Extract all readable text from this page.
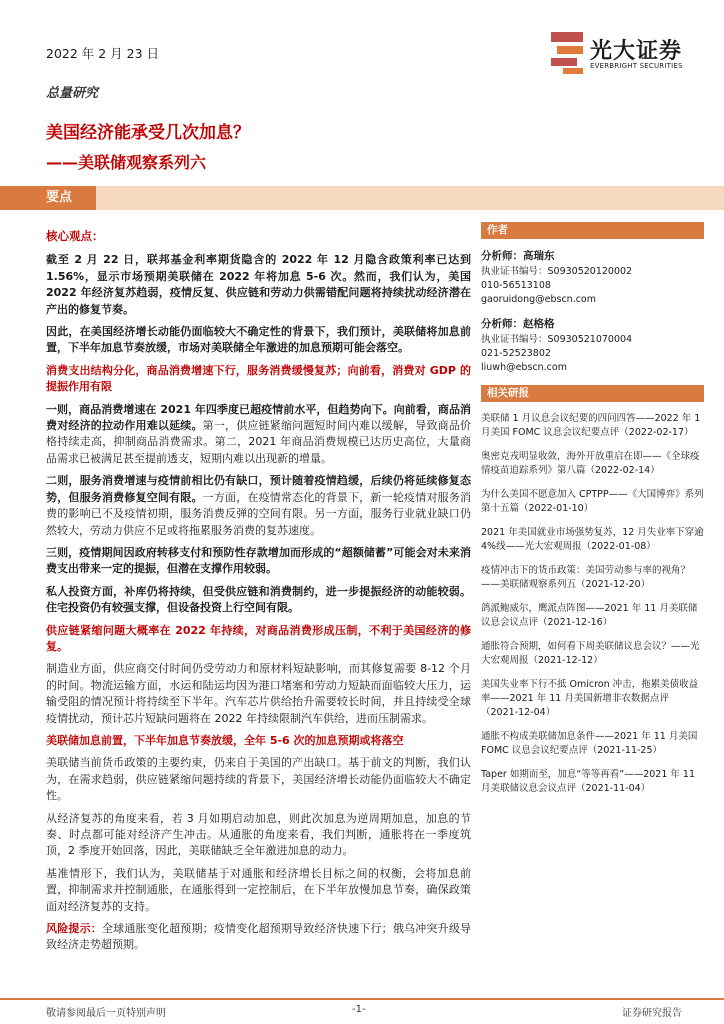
2022 年 2 月 23 日	光大证券
EVERBRIGHT SECURITIES
总量研究
美国经济能承受几次加息？
——美联储观察系列六
要点

核心观点：

截至 2 月 22 日，联邦基金利率期货隐含的 2022 年 12 月隐含政策利率已达到 1.56%，显示市场预期美联储在 2022 年将加息 5-6 次。然而，我们认为，美国 2022 年经济复苏趋弱，疫情反复、供应链和劳动力供需错配问题将持续扰动经济潜在产出的修复节奏。

因此，在美国经济增长动能仍面临较大不确定性的背景下，我们预计，美联储将加息前置，下半年加息节奏放缓，市场对美联储全年激进的加息预期可能会落空。

消费支出结构分化，商品消费增速下行，服务消费缓慢复苏；向前看，消费对 GDP 的提振作用有限

一则，商品消费增速在 2021 年四季度已超疫情前水平，但趋势向下。向前看，商品消费对经济的拉动作用难以延续。第一，供应链紧缩问题短时间内难以缓解，导致商品价格持续走高，抑制商品消费需求。第二，2021 年商品消费规模已达历史高位，大量商品需求已被满足甚至提前透支，短期内难以出现新的增量。

二则，服务消费增速与疫情前相比仍有缺口，预计随着疫情趋缓，后续仍将延续修复态势，但服务消费修复空间有限。一方面，在疫情常态化的背景下，新一轮疫情对服务消费的影响已不及疫情初期，服务消费反弹的空间有限。另一方面，服务行业就业缺口仍然较大，劳动力供应不足或将拖累服务消费的复苏速度。

三则，疫情期间因政府转移支付和预防性存款增加而形成的“超额储蓄”可能会对未来消费支出带来一定的提振，但潜在支撑作用较弱。

私人投资方面，补库仍将持续，但受供应链和消费制约，进一步提振经济的动能较弱。住宅投资仍有较强支撑，但设备投资上行空间有限。

供应链紧缩问题大概率在 2022 年持续，对商品消费形成压制，不利于美国经济的修复。

制造业方面，供应商交付时间仍受劳动力和原材料短缺影响，而其修复需要 8-12 个月的时间。物流运输方面，水运和陆运均因为港口堵塞和劳动力短缺而面临较大压力，运输受阻的情况预计将持续至下半年。汽车芯片供给抬升需要较长时间，并且持续受全球疫情扰动，预计芯片短缺问题将在 2022 年持续限制汽车供给，进而压制需求。

美联储加息前置，下半年加息节奏放缓，全年 5-6 次的加息预期或将落空

美联储当前货币政策的主要约束，仍来自于美国的产出缺口。基于前文的判断，我们认为，在需求趋弱，供应链紧缩问题持续的背景下，美国经济增长动能仍面临较大不确定性。

从经济复苏的角度来看，若 3 月如期启动加息，则此次加息为逆周期加息，加息的节奏、时点都可能对经济产生冲击。从通胀的角度来看，我们判断，通胀将在一季度筑顶，2 季度开始回落，因此，美联储缺乏全年激进加息的动力。

基准情形下，我们认为，美联储基于对通胀和经济增长目标之间的权衡，会将加息前置，抑制需求并控制通胀，在通胀得到一定控制后，在下半年放慢加息节奏，确保政策面对经济复苏的支持。

风险提示：全球通胀变化超预期；疫情变化超预期导致经济快速下行；俄乌冲突升级导致经济走势超预期。

作者
分析师：高瑞东
执业证书编号：S0930520120002
010-56513108
gaoruidong@ebscn.com
分析师：赵格格
执业证书编号：S0930521070004
021-52523802
liuwh@ebscn.com
相关研报

美联储 1 月议息会议纪要的四问四答——2022 年 1 月美国 FOMC 议息会议纪要点评（2022-02-17）

奥密克戎明显收敛，海外开放重启在即——《全球疫情疫苗追踪系列》第八篇（2022-02-14）

为什么美国不愿意加入 CPTPP——《大国博弈》系列第十五篇（2022-01-10）

2021 年美国就业市场强势复苏，12 月失业率下穿逾 4%线——光大宏观周报（2022-01-08）

疫情冲击下的货币政策：美国劳动参与率的视角？——美联储观察系列五（2021-12-20）

鸽派鲍威尔，鹰派点阵图——2021 年 11 月美联储议息会议点评（2021-12-16）

通胀符合预期，如何看下周美联储议息会议？——光大宏观周报（2021-12-12）

美国失业率下行不抵 Omicron 冲击，拖累美债收益率——2021 年 11 月美国新增非农数据点评（2021-12-04）

通胀不构成美联储加息条件——2021 年 11 月美国 FOMC 议息会议纪要点评（2021-11-25）

Taper 如期而至，加息“等等再看”——2021 年 11 月美联储议息会议点评（2021-11-04）

敬请参阅最后一页特别声明	-1-	证券研究报告
